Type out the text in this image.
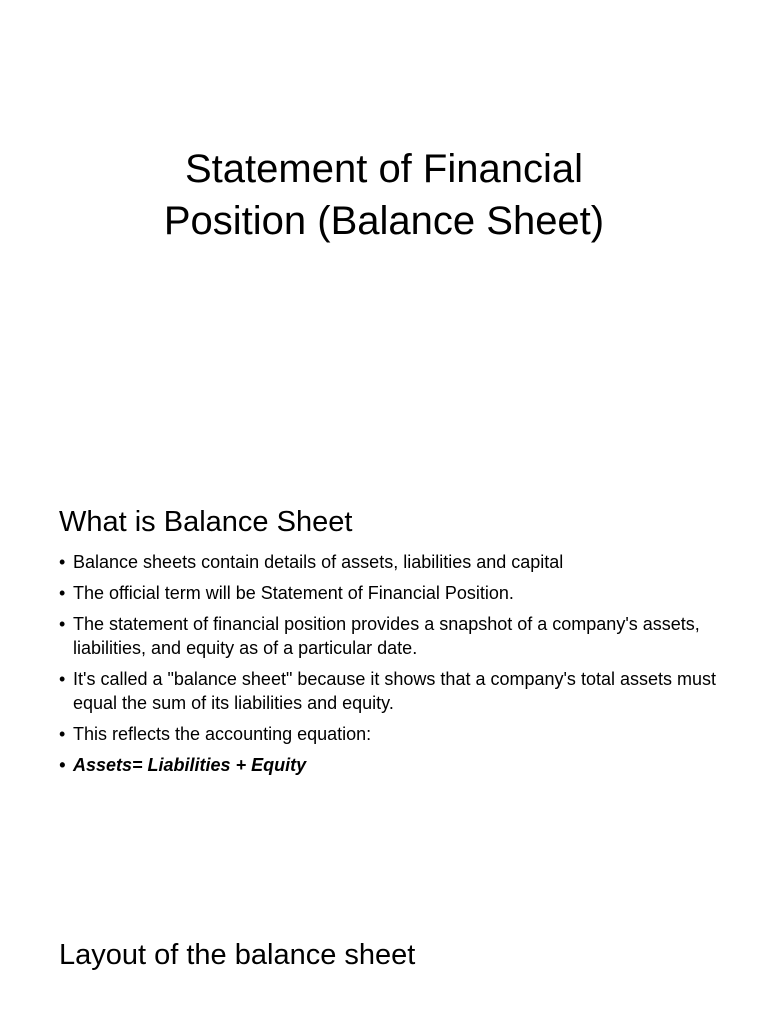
Statement of Financial
Position (Balance Sheet)
What is Balance Sheet
• Balance sheets contain details of assets, liabilities and capital
• The official term will be Statement of Financial Position.
• The statement of financial position provides a snapshot of a company's assets, liabilities, and equity as of a particular date.
• It's called a "balance sheet" because it shows that a company's total assets must equal the sum of its liabilities and equity.
• This reflects the accounting equation:
• Assets= Liabilities + Equity
Layout of the balance sheet
